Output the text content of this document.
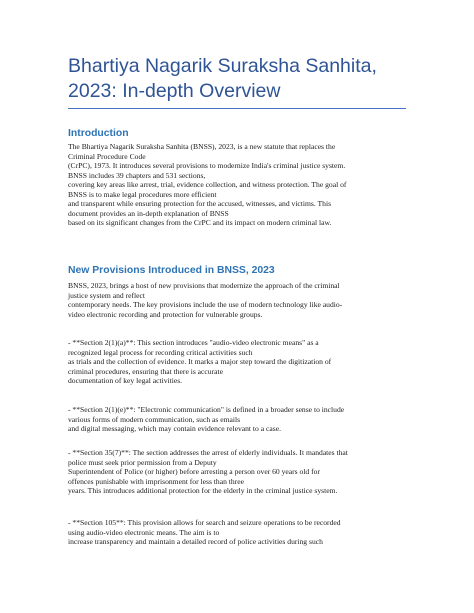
Bhartiya Nagarik Suraksha Sanhita,
2023: In-depth Overview
Introduction
The Bhartiya Nagarik Suraksha Sanhita (BNSS), 2023, is a new statute that replaces the
Criminal Procedure Code
(CrPC), 1973. It introduces several provisions to modernize India's criminal justice system.
BNSS includes 39 chapters and 531 sections,
covering key areas like arrest, trial, evidence collection, and witness protection. The goal of
BNSS is to make legal procedures more efficient
and transparent while ensuring protection for the accused, witnesses, and victims. This
document provides an in-depth explanation of BNSS
based on its significant changes from the CrPC and its impact on modern criminal law.
New Provisions Introduced in BNSS, 2023
BNSS, 2023, brings a host of new provisions that modernize the approach of the criminal
justice system and reflect
contemporary needs. The key provisions include the use of modern technology like audio-
video electronic recording and protection for vulnerable groups.
- **Section 2(1)(a)**: This section introduces "audio-video electronic means" as a
recognized legal process for recording critical activities such
as trials and the collection of evidence. It marks a major step toward the digitization of
criminal procedures, ensuring that there is accurate
documentation of key legal activities.
- **Section 2(1)(e)**: "Electronic communication" is defined in a broader sense to include
various forms of modern communication, such as emails
and digital messaging, which may contain evidence relevant to a case.
- **Section 35(7)**: The section addresses the arrest of elderly individuals. It mandates that
police must seek prior permission from a Deputy
Superintendent of Police (or higher) before arresting a person over 60 years old for
offences punishable with imprisonment for less than three
years. This introduces additional protection for the elderly in the criminal justice system.
- **Section 105**: This provision allows for search and seizure operations to be recorded
using audio-video electronic means. The aim is to
increase transparency and maintain a detailed record of police activities during such
